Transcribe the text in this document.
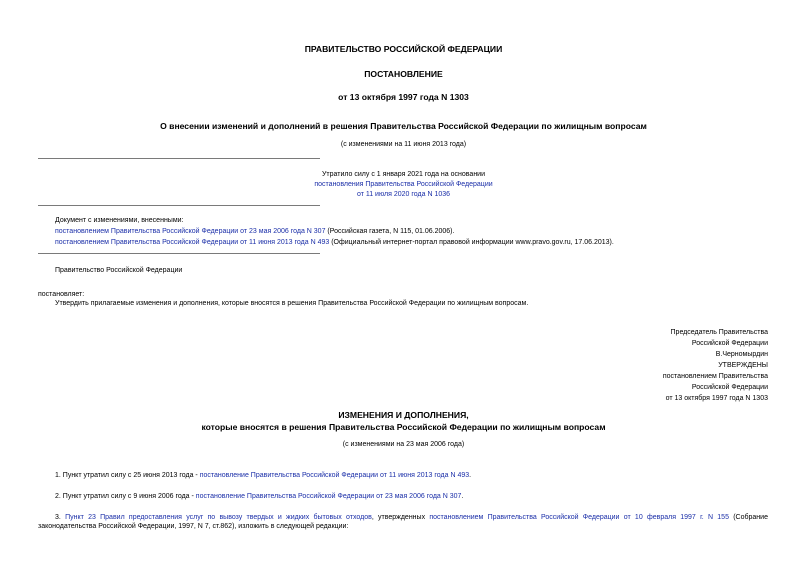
ПРАВИТЕЛЬСТВО РОССИЙСКОЙ ФЕДЕРАЦИИ
ПОСТАНОВЛЕНИЕ
от 13 октября 1997 года N 1303
О внесении изменений и дополнений в решения Правительства Российской Федерации по жилищным вопросам
(с изменениями на 11 июня 2013 года)
Утратило силу с 1 января 2021 года на основании
постановления Правительства Российской Федерации
от 11 июля 2020 года N 1036
Документ с изменениями, внесенными:
постановлением Правительства Российской Федерации от 23 мая 2006 года N 307 (Российская газета, N 115, 01.06.2006).
постановлением Правительства Российской Федерации от 11 июня 2013 года N 493 (Официальный интернет-портал правовой информации www.pravo.gov.ru, 17.06.2013).
Правительство Российской Федерации
постановляет:
Утвердить прилагаемые изменения и дополнения, которые вносятся в решения Правительства Российской Федерации по жилищным вопросам.
Председатель Правительства
Российской Федерации
В.Черномырдин
УТВЕРЖДЕНЫ
постановлением Правительства
Российской Федерации
от 13 октября 1997 года N 1303
ИЗМЕНЕНИЯ И ДОПОЛНЕНИЯ,
которые вносятся в решения Правительства Российской Федерации по жилищным вопросам
(с изменениями на 23 мая 2006 года)
1. Пункт утратил силу с 25 июня 2013 года - постановление Правительства Российской Федерации от 11 июня 2013 года N 493.
2. Пункт утратил силу с 9 июня 2006 года - постановление Правительства Российской Федерации от 23 мая 2006 года N 307.
3. Пункт 23 Правил предоставления услуг по вывозу твердых и жидких бытовых отходов, утвержденных постановлением Правительства Российской Федерации от 10 февраля 1997 г. N 155 (Собрание законодательства Российской Федерации, 1997, N 7, ст.862), изложить в следующей редакции:
